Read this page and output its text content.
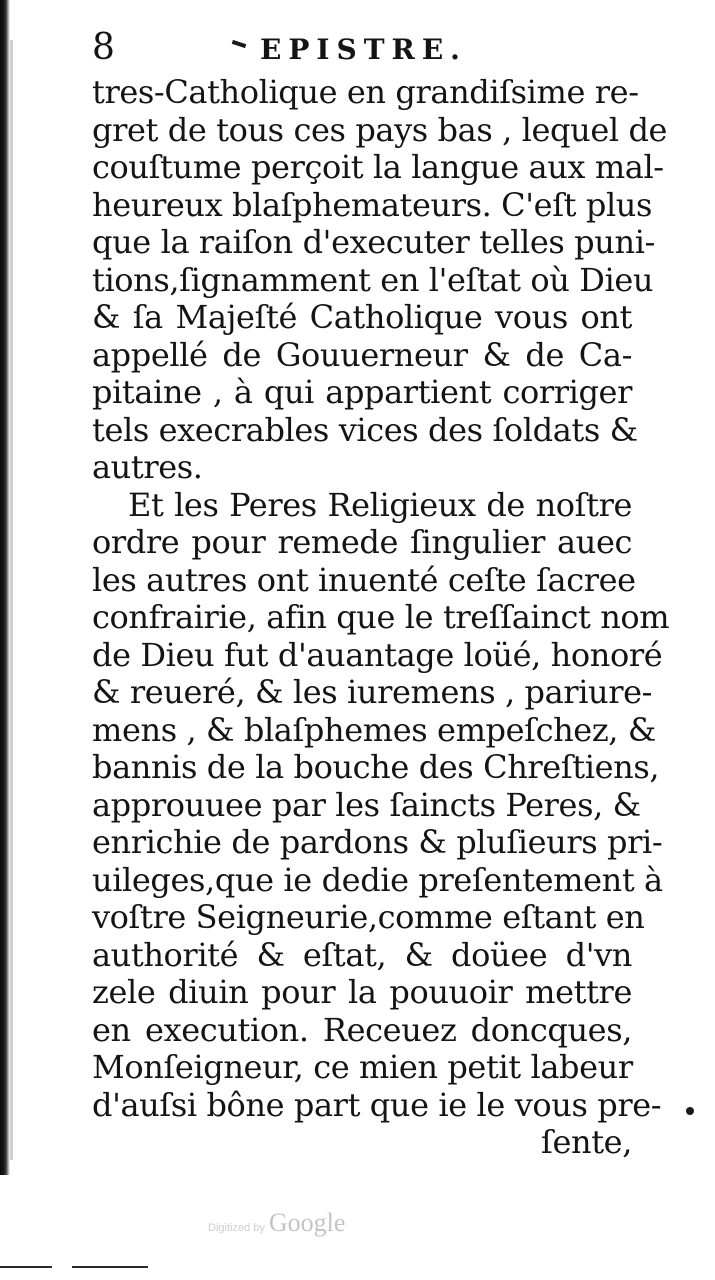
8	EPISTRE.
tres-Catholique en grandiſsime re-
gret de tous ces pays bas , lequel de
couſtume perçoit la langue aux mal-
heureux blaſphemateurs. C'eſt plus
que la raiſon d'executer telles puni-
tions,ſignamment en l'eſtat où Dieu
& ſa Majeſté Catholique vous ont
appellé de Gouuerneur & de Ca-
pitaine , à qui appartient corriger
tels execrables vices des ſoldats &
autres.
Et les Peres Religieux de noſtre
ordre pour remede ſingulier auec
les autres ont inuenté ceſte ſacree
confrairie, afin que le treſſainct nom
de Dieu fut d'auantage loüé, honoré
& reueré, & les iuremens , pariure-
mens , & blaſphemes empeſchez, &
bannis de la bouche des Chreſtiens,
approuuee par les ſaincts Peres, &
enrichie de pardons & pluſieurs pri-
uileges,que ie dedie preſentement à
voſtre Seigneurie,comme eſtant en
authorité & eſtat, & doüee d'vn
zele diuin pour la pouuoir mettre
en execution. Receuez doncques,
Monſeigneur, ce mien petit labeur
d'auſsi bône part que ie le vous pre-
ſente,
Digitized by Google
